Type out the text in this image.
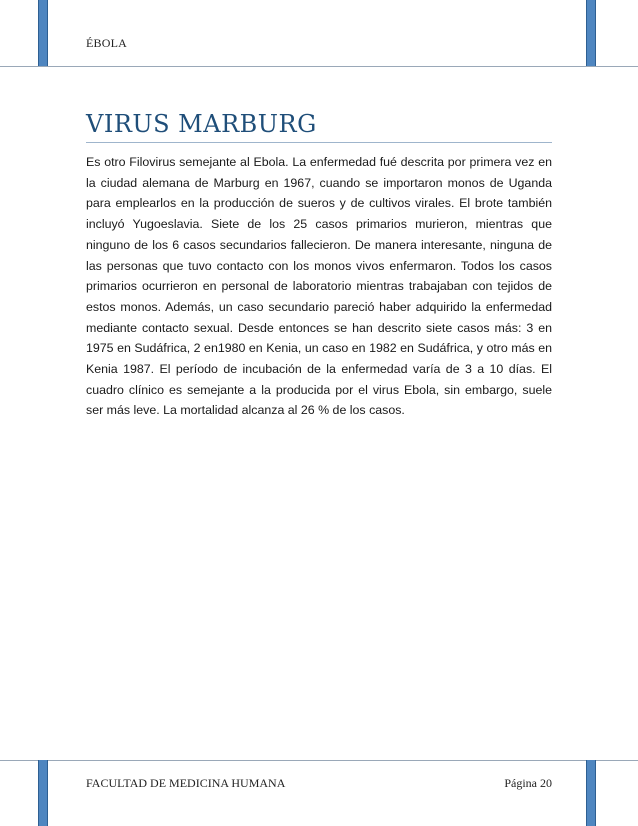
ÉBOLA
VIRUS MARBURG

Es otro Filovirus semejante al Ebola. La enfermedad fué descrita por primera vez en la ciudad alemana de Marburg en 1967, cuando se importaron monos de Uganda para emplearlos en la producción de sueros y de cultivos virales. El brote también incluyó Yugoeslavia. Siete de los 25 casos primarios murieron, mientras que ninguno de los 6 casos secundarios fallecieron. De manera interesante, ninguna de las personas que tuvo contacto con los monos vivos enfermaron. Todos los casos primarios ocurrieron en personal de laboratorio mientras trabajaban con tejidos de estos monos. Además, un caso secundario pareció haber adquirido la enfermedad mediante contacto sexual. Desde entonces se han descrito siete casos más: 3 en 1975 en Sudáfrica, 2 en1980 en Kenia, un caso en 1982 en Sudáfrica, y otro más en Kenia 1987. El período de incubación de la enfermedad varía de 3 a 10 días. El cuadro clínico es semejante a la producida por el virus Ebola, sin embargo, suele ser más leve. La mortalidad alcanza al 26 % de los casos.

FACULTAD DE MEDICINA HUMANA	Página 20
